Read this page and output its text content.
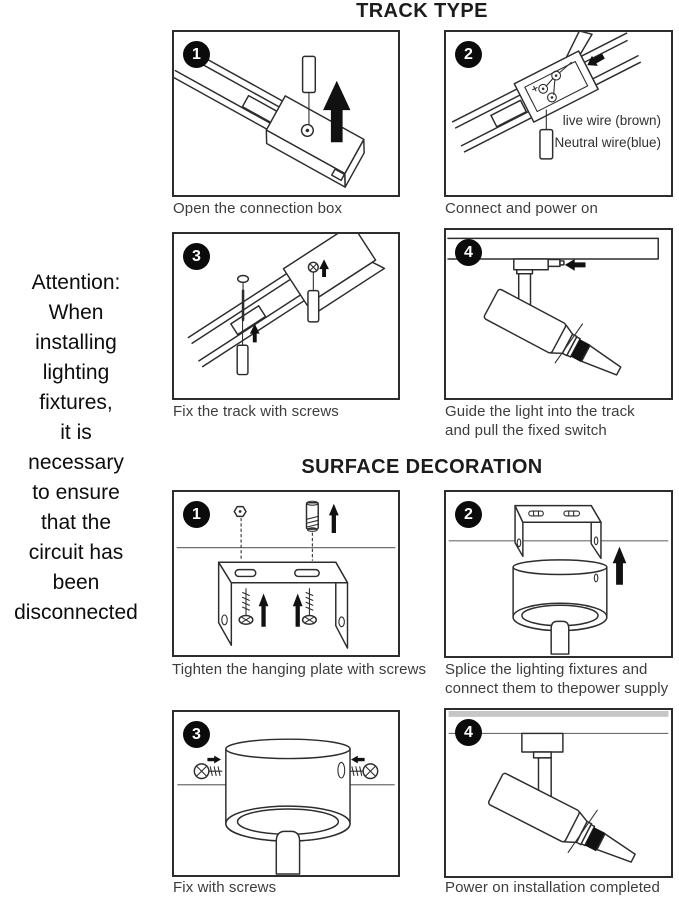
Attention:
When
installing
lighting
fixtures,
it is
necessary
to ensure
that the
circuit has
been
disconnected
TRACK TYPE
1	2
live wire (brown)
Neutral wire(blue)
Open the connection box	Connect and power on
3	4
Fix the track with screws	Guide the light into the track and pull the fixed switch
SURFACE DECORATION
1	2
Tighten the hanging plate with screws	Splice the lighting fixtures and connect them to thepower supply
3	4
Fix with screws	Power on installation completed
